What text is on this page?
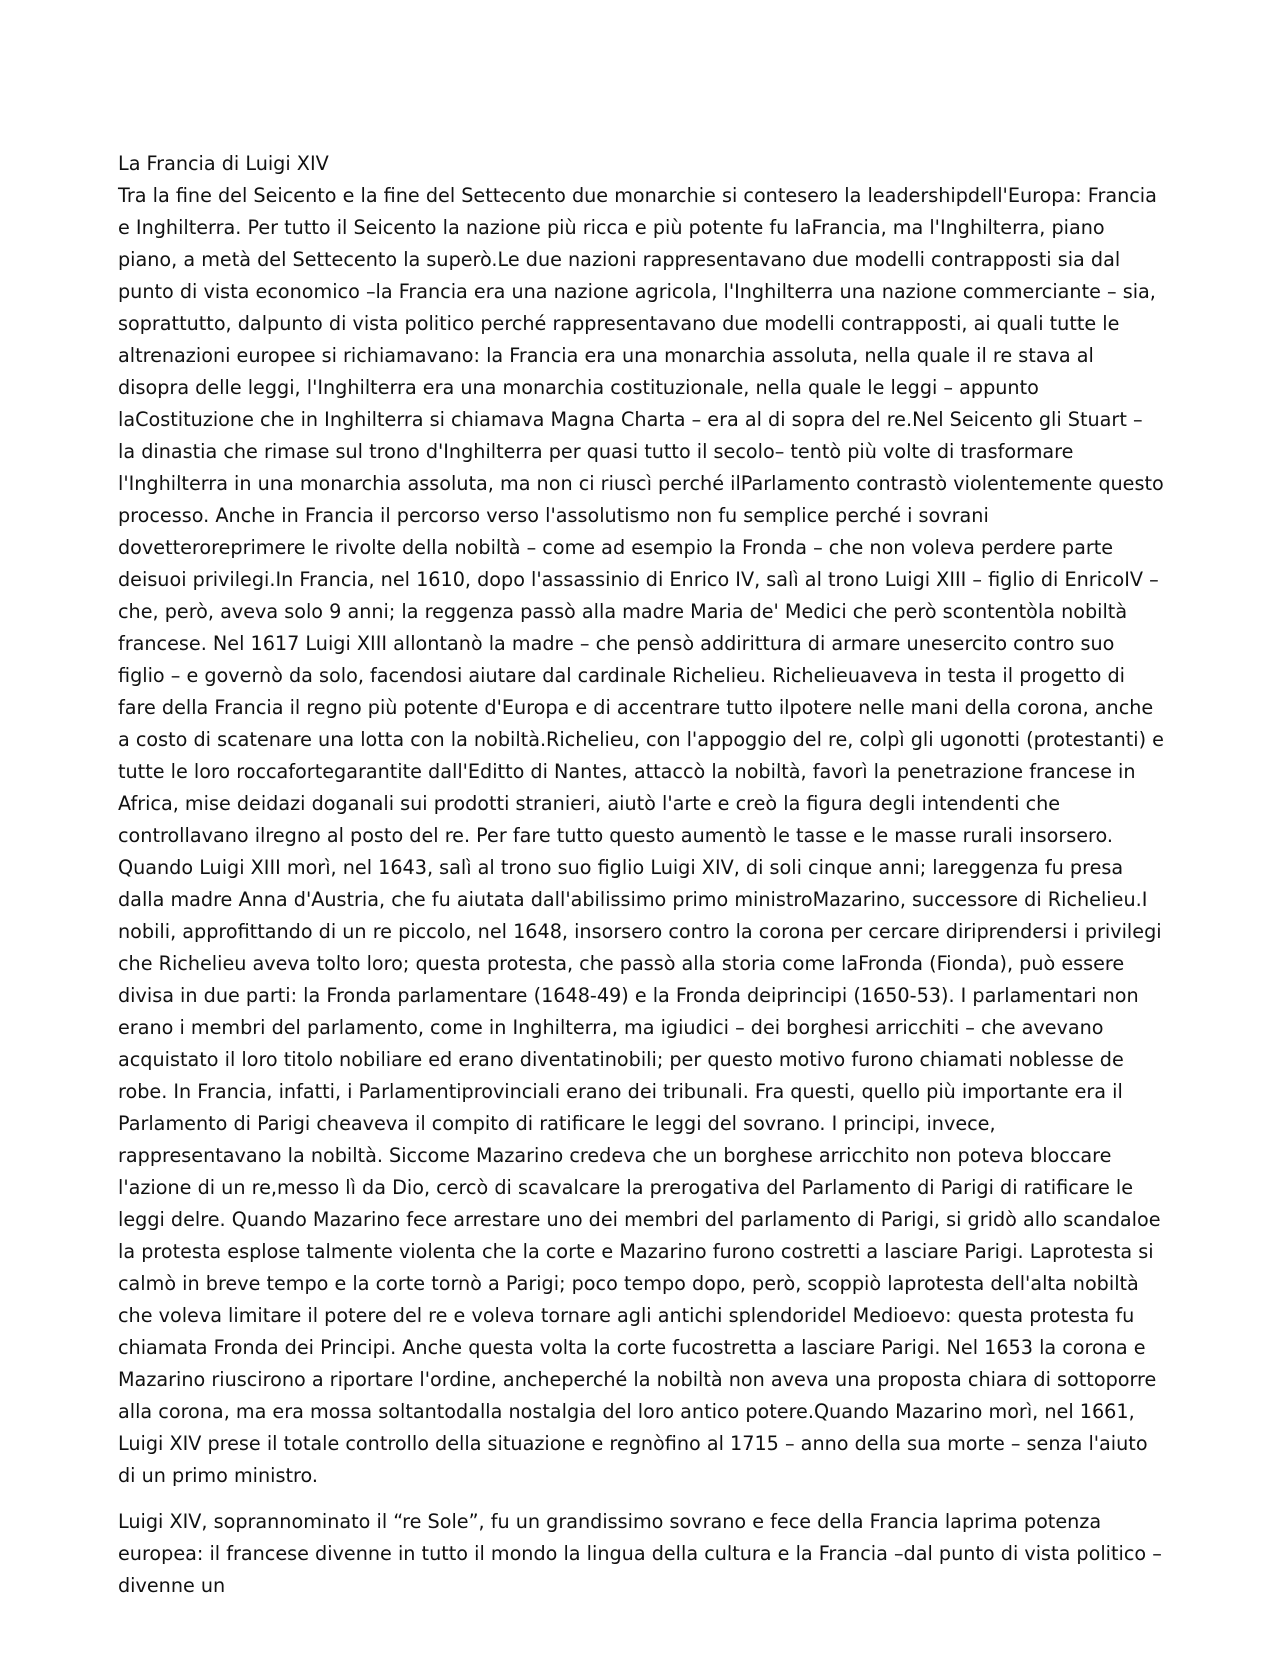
La Francia di Luigi XIV

Tra la fine del Seicento e la fine del Settecento due monarchie si contesero la leadershipdell'Europa: Francia e Inghilterra. Per tutto il Seicento la nazione più ricca e più potente fu laFrancia, ma l'Inghilterra, piano piano, a metà del Settecento la superò.Le due nazioni rappresentavano due modelli contrapposti sia dal punto di vista economico –la Francia era una nazione agricola, l'Inghilterra una nazione commerciante – sia, soprattutto, dalpunto di vista politico perché rappresentavano due modelli contrapposti, ai quali tutte le altrenazioni europee si richiamavano: la Francia era una monarchia assoluta, nella quale il re stava al disopra delle leggi, l'Inghilterra era una monarchia costituzionale, nella quale le leggi – appunto laCostituzione che in Inghilterra si chiamava Magna Charta – era al di sopra del re.Nel Seicento gli Stuart – la dinastia che rimase sul trono d'Inghilterra per quasi tutto il secolo– tentò più volte di trasformare l'Inghilterra in una monarchia assoluta, ma non ci riuscì perché ilParlamento contrastò violentemente questo processo. Anche in Francia il percorso verso l'assolutismo non fu semplice perché i sovrani dovetteroreprimere le rivolte della nobiltà – come ad esempio la Fronda – che non voleva perdere parte deisuoi privilegi.In Francia, nel 1610, dopo l'assassinio di Enrico IV, salì al trono Luigi XIII – figlio di EnricoIV – che, però, aveva solo 9 anni; la reggenza passò alla madre Maria de' Medici che però scontentòla nobiltà francese. Nel 1617 Luigi XIII allontanò la madre – che pensò addirittura di armare unesercito contro suo figlio – e governò da solo, facendosi aiutare dal cardinale Richelieu. Richelieuaveva in testa il progetto di fare della Francia il regno più potente d'Europa e di accentrare tutto ilpotere nelle mani della corona, anche a costo di scatenare una lotta con la nobiltà.Richelieu, con l'appoggio del re, colpì gli ugonotti (protestanti) e tutte le loro roccafortegarantite dall'Editto di Nantes, attaccò la nobiltà, favorì la penetrazione francese in Africa, mise deidazi doganali sui prodotti stranieri, aiutò l'arte e creò la figura degli intendenti che controllavano ilregno al posto del re. Per fare tutto questo aumentò le tasse e le masse rurali insorsero. Quando Luigi XIII morì, nel 1643, salì al trono suo figlio Luigi XIV, di soli cinque anni; lareggenza fu presa dalla madre Anna d'Austria, che fu aiutata dall'abilissimo primo ministroMazarino, successore di Richelieu.I nobili, approfittando di un re piccolo, nel 1648, insorsero contro la corona per cercare diriprendersi i privilegi che Richelieu aveva tolto loro; questa protesta, che passò alla storia come laFronda (Fionda), può essere divisa in due parti: la Fronda parlamentare (1648-49) e la Fronda deiprincipi (1650-53). I parlamentari non erano i membri del parlamento, come in Inghilterra, ma igiudici – dei borghesi arricchiti – che avevano acquistato il loro titolo nobiliare ed erano diventatinobili; per questo motivo furono chiamati noblesse de robe. In Francia, infatti, i Parlamentiprovinciali erano dei tribunali. Fra questi, quello più importante era il Parlamento di Parigi cheaveva il compito di ratificare le leggi del sovrano. I principi, invece, rappresentavano la nobiltà. Siccome Mazarino credeva che un borghese arricchito non poteva bloccare l'azione di un re,messo lì da Dio, cercò di scavalcare la prerogativa del Parlamento di Parigi di ratificare le leggi delre. Quando Mazarino fece arrestare uno dei membri del parlamento di Parigi, si gridò allo scandaloe la protesta esplose talmente violenta che la corte e Mazarino furono costretti a lasciare Parigi. Laprotesta si calmò in breve tempo e la corte tornò a Parigi; poco tempo dopo, però, scoppiò laprotesta dell'alta nobiltà che voleva limitare il potere del re e voleva tornare agli antichi splendoridel Medioevo: questa protesta fu chiamata Fronda dei Principi. Anche questa volta la corte fucostretta a lasciare Parigi. Nel 1653 la corona e Mazarino riuscirono a riportare l'ordine, ancheperché la nobiltà non aveva una proposta chiara di sottoporre alla corona, ma era mossa soltantodalla nostalgia del loro antico potere.Quando Mazarino morì, nel 1661, Luigi XIV prese il totale controllo della situazione e regnòfino al 1715 – anno della sua morte – senza l'aiuto di un primo ministro.

Luigi XIV, soprannominato il “re Sole”, fu un grandissimo sovrano e fece della Francia laprima potenza europea: il francese divenne in tutto il mondo la lingua della cultura e la Francia –dal punto di vista politico – divenne un
